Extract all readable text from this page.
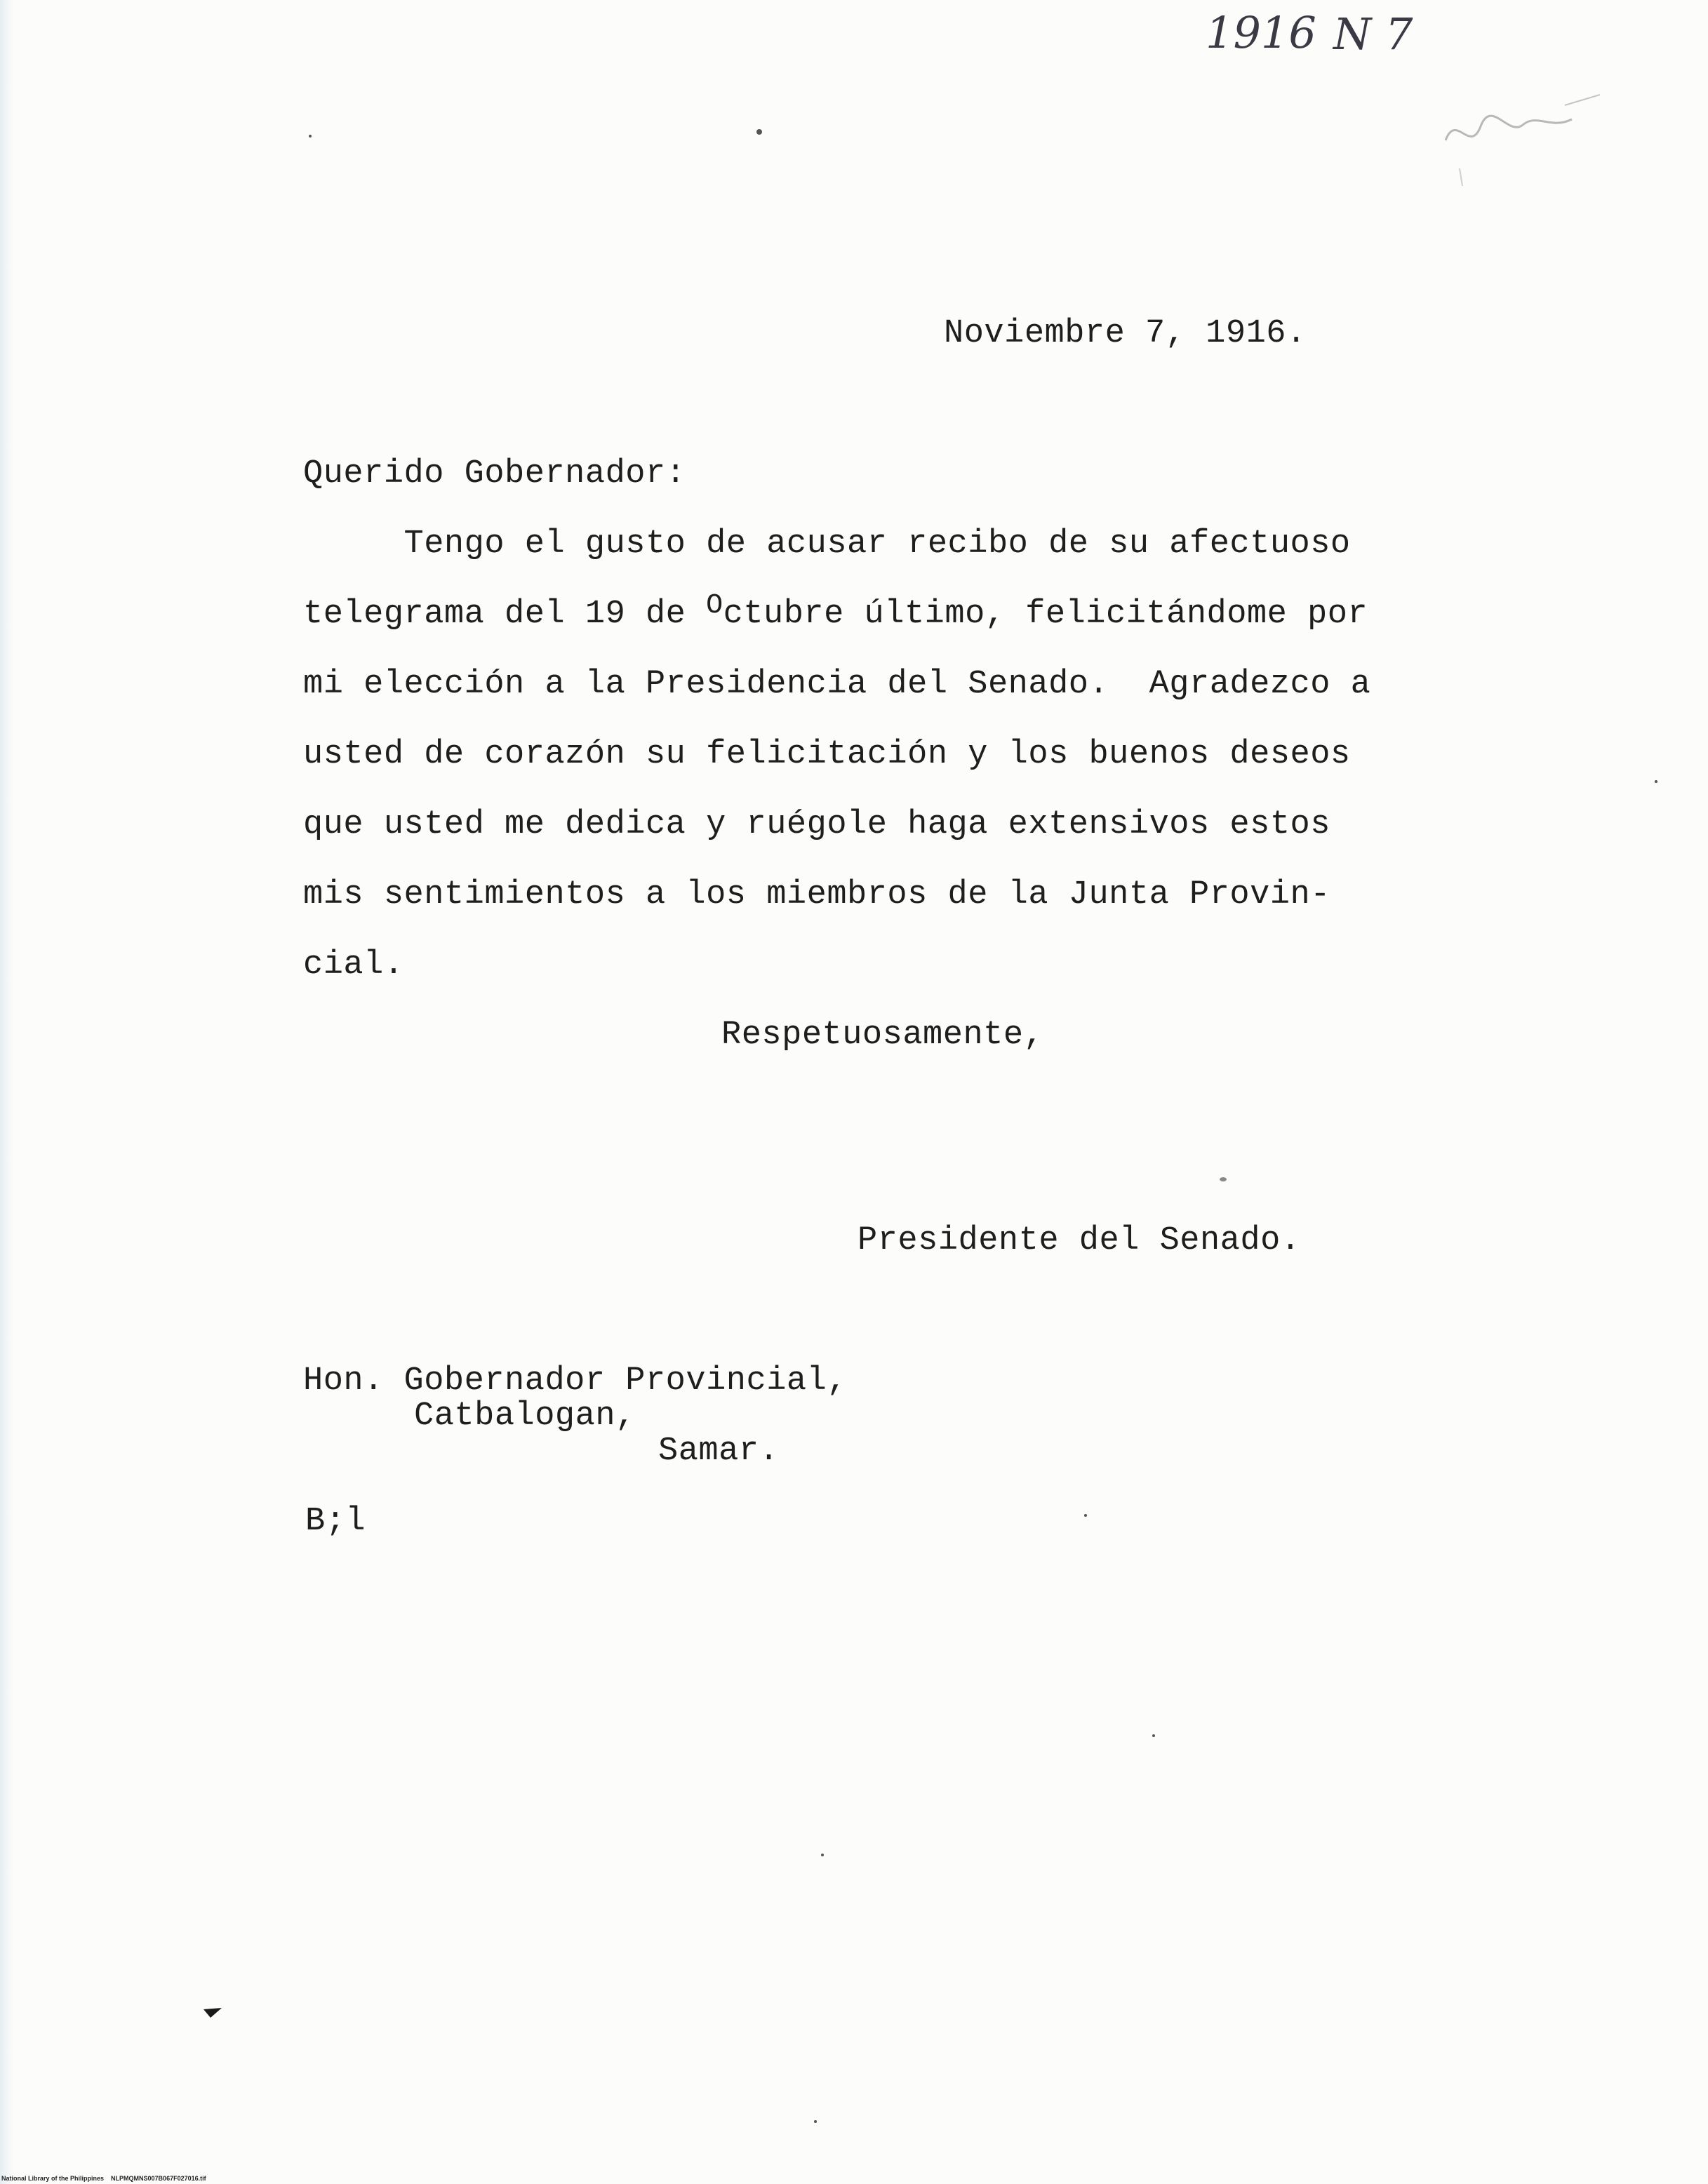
1916 N 7
Noviembre 7, 1916.
Querido Gobernador:
Tengo el gusto de acusar recibo de su afectuoso
telegrama del 19 de Octubre último, felicitándome por
mi elección a la Presidencia del Senado.  Agradezco a
usted de corazón su felicitación y los buenos deseos
que usted me dedica y ruégole haga extensivos estos
mis sentimientos a los miembros de la Junta Provin-
cial.
Respetuosamente,
Presidente del Senado.
Hon. Gobernador Provincial,
Catbalogan,
Samar.
B;l
National Library of the Philippines NLPMQMNS007B067F027016.tif
